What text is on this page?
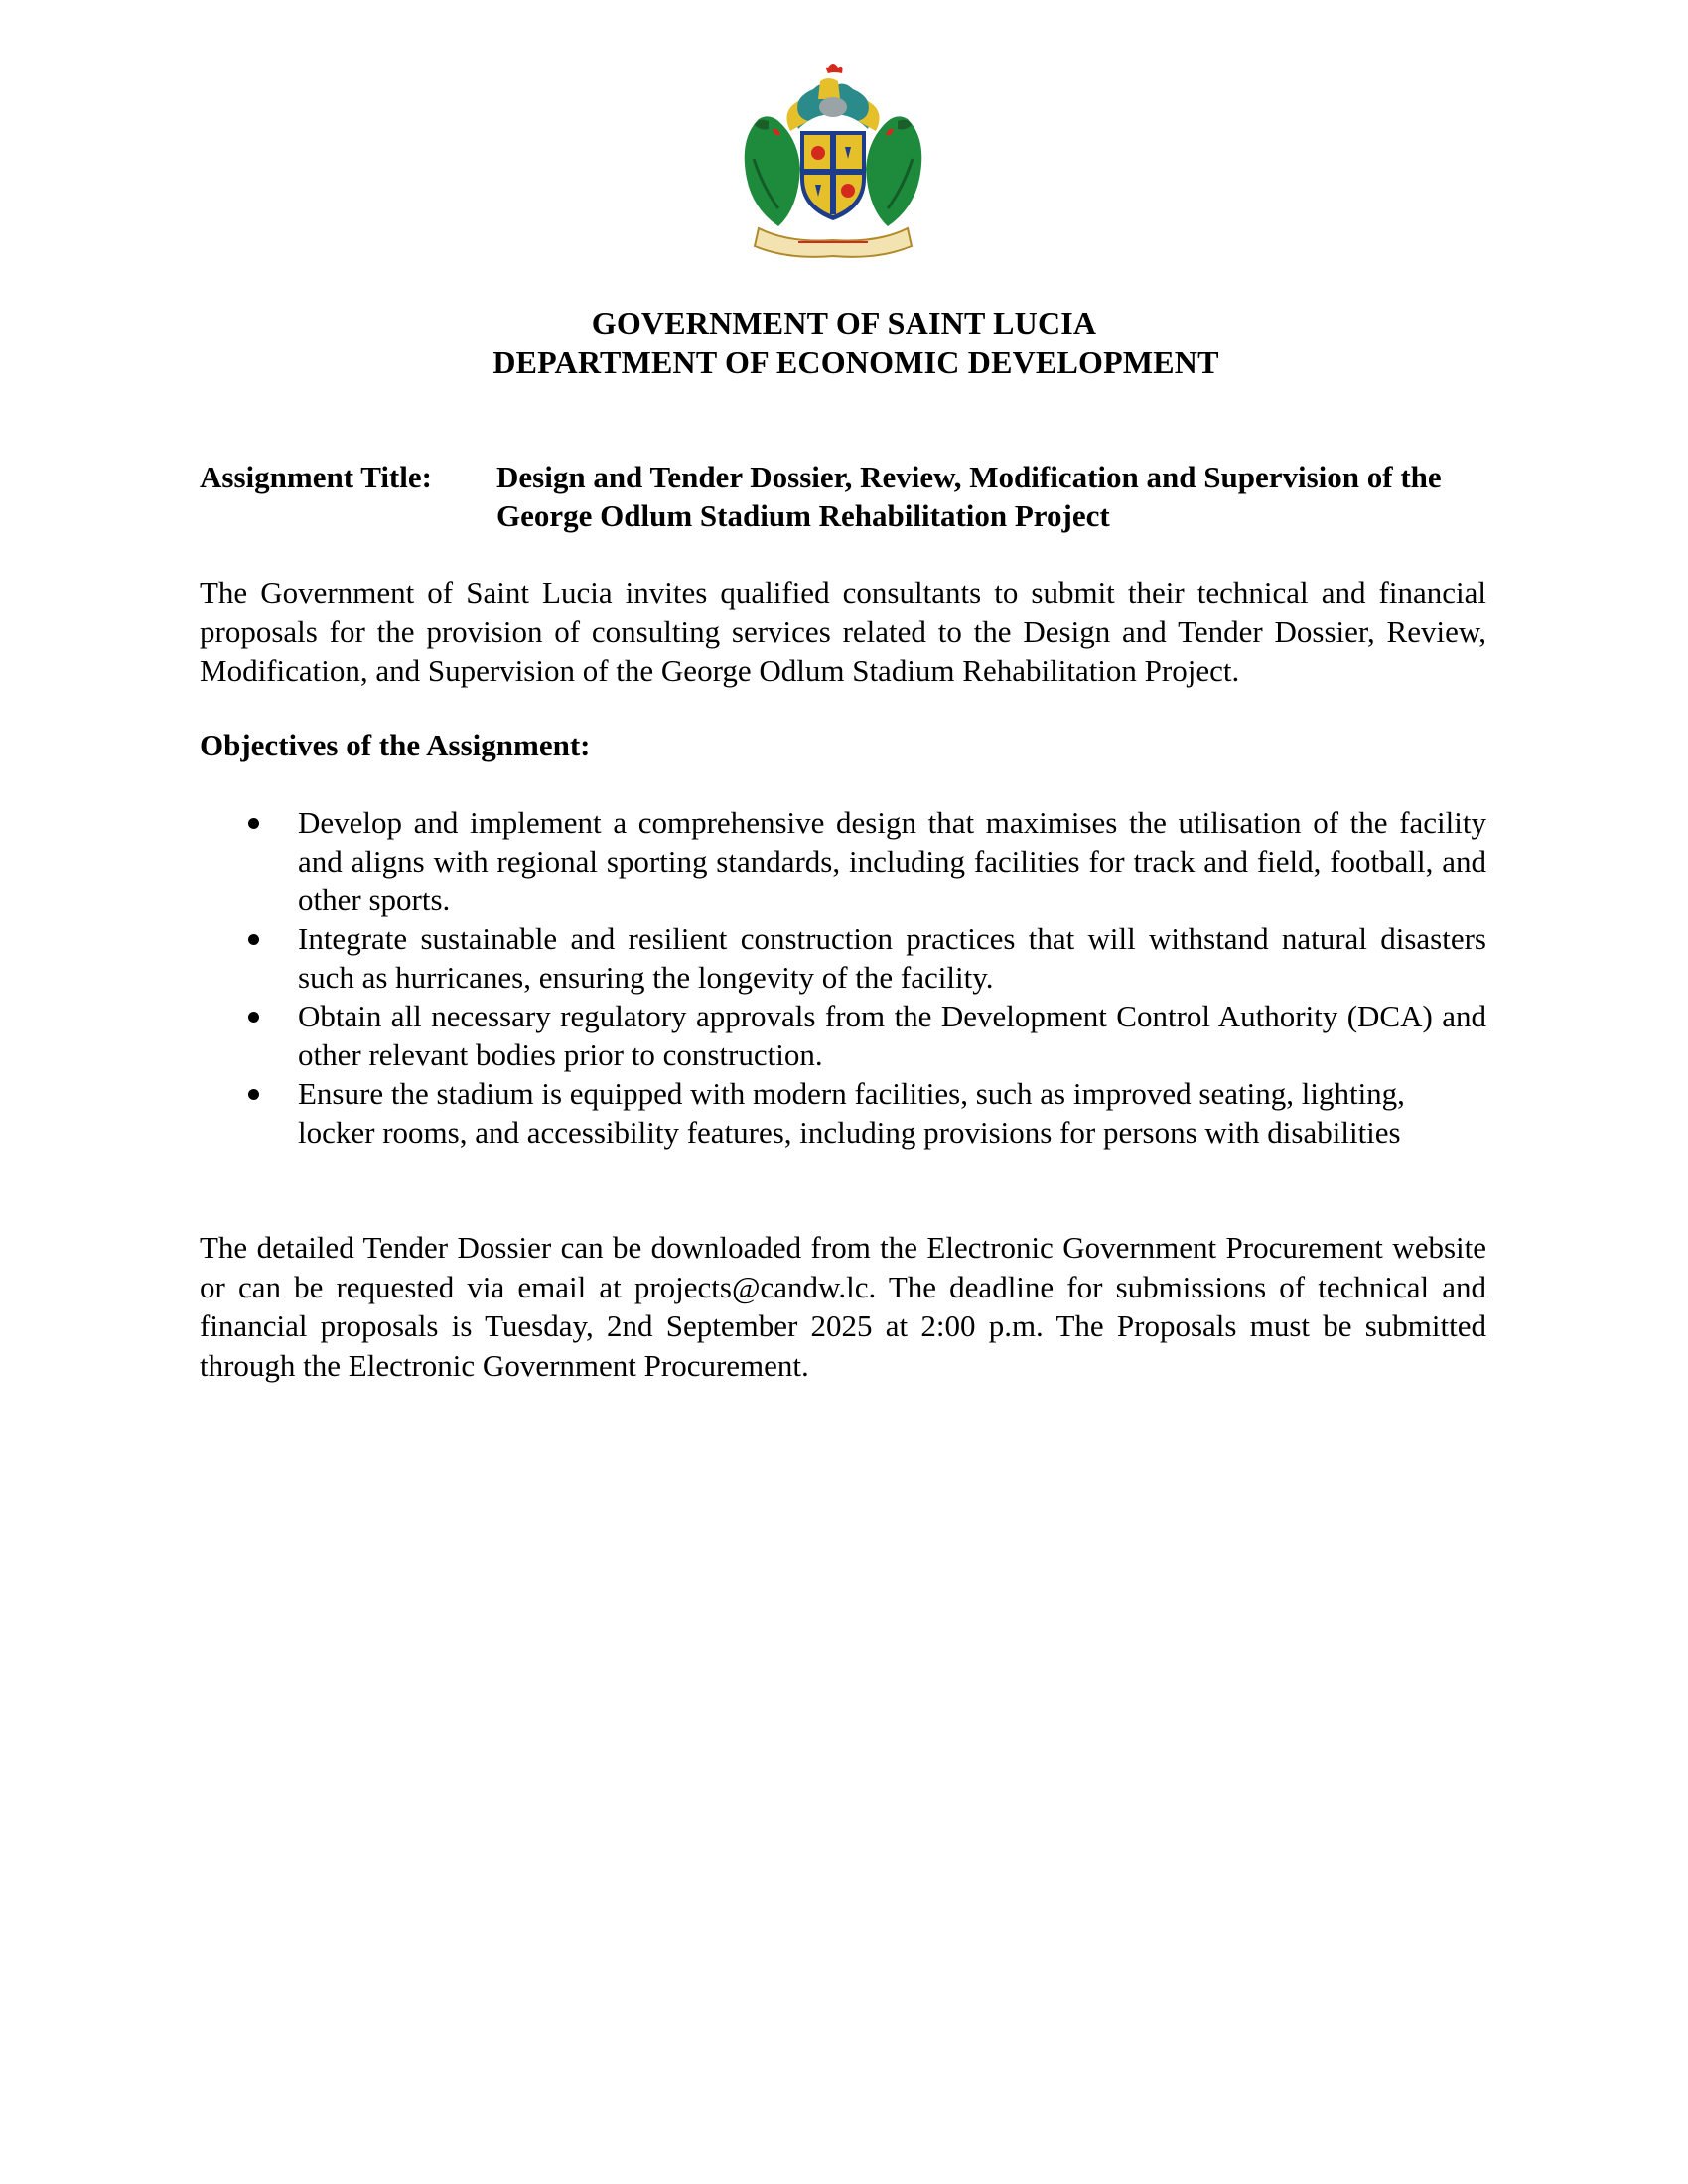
GOVERNMENT OF SAINT LUCIA
DEPARTMENT OF ECONOMIC DEVELOPMENT
Assignment Title: Design and Tender Dossier, Review, Modification and Supervision of the George Odlum Stadium Rehabilitation Project
The Government of Saint Lucia invites qualified consultants to submit their technical and financial proposals for the provision of consulting services related to the Design and Tender Dossier, Review, Modification, and Supervision of the George Odlum Stadium Rehabilitation Project.
Objectives of the Assignment:
Develop and implement a comprehensive design that maximises the utilisation of the facility and aligns with regional sporting standards, including facilities for track and field, football, and other sports.
Integrate sustainable and resilient construction practices that will withstand natural disasters such as hurricanes, ensuring the longevity of the facility.
Obtain all necessary regulatory approvals from the Development Control Authority (DCA) and other relevant bodies prior to construction.
Ensure the stadium is equipped with modern facilities, such as improved seating, lighting, locker rooms, and accessibility features, including provisions for persons with disabilities
The detailed Tender Dossier can be downloaded from the Electronic Government Procurement website or can be requested via email at projects@candw.lc. The deadline for submissions of technical and financial proposals is Tuesday, 2nd September 2025 at 2:00 p.m. The Proposals must be submitted through the Electronic Government Procurement.
